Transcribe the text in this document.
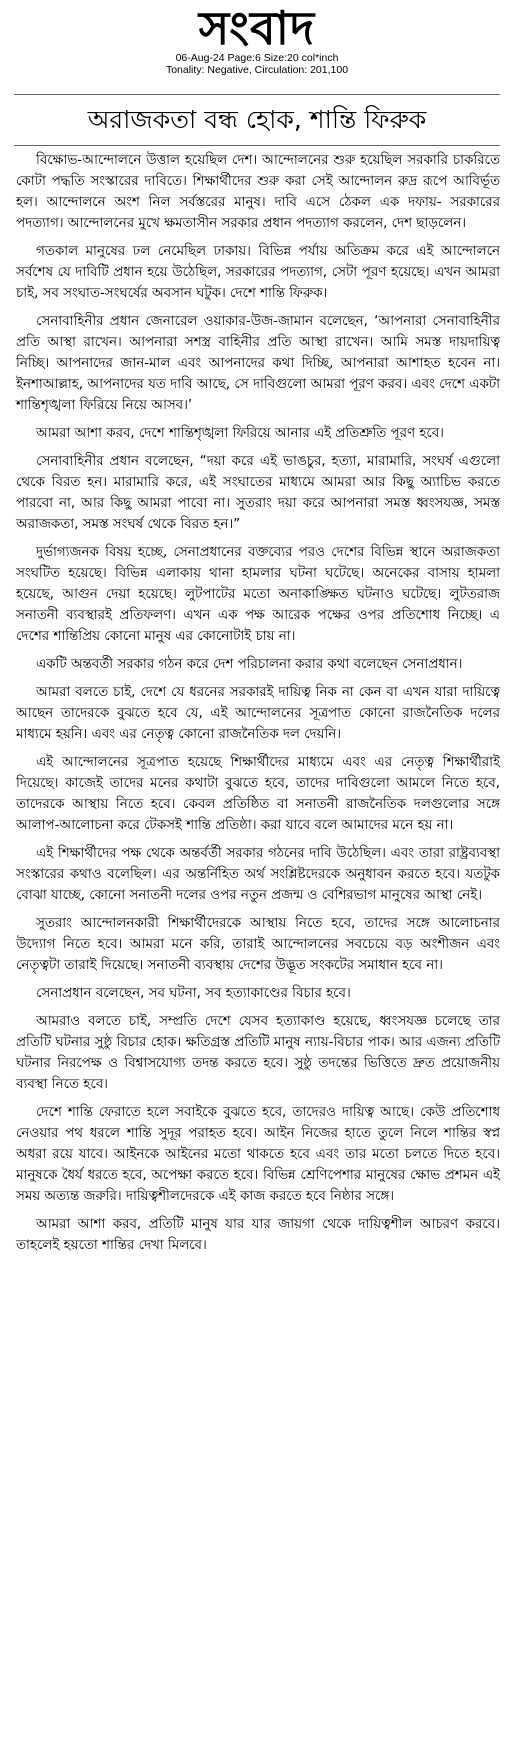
সংবাদ
06-Aug-24 Page:6 Size:20 col*inch
Tonality: Negative, Circulation: 201,100
অরাজকতা বন্ধ হোক, শান্তি ফিরুক

বিক্ষোভ-আন্দোলনে উত্তাল হয়েছিল দেশ। আন্দোলনের শুরু হয়েছিল সরকারি চাকরিতে কোটা পদ্ধতি সংস্কারের দাবিতে। শিক্ষার্থীদের শুরু করা সেই আন্দোলন রুদ্র রূপে আবির্ভূত হল। আন্দোলনে অংশ নিল সর্বস্তরের মানুষ। দাবি এসে ঠেকল এক দফায়- সরকারের পদত্যাগ। আন্দোলনের মুখে ক্ষমতাসীন সরকার প্রধান পদত্যাগ করলেন, দেশ ছাড়লেন।

গতকাল মানুষের ঢল নেমেছিল ঢাকায়। বিভিন্ন পর্যায় অতিক্রম করে এই আন্দোলনে সর্বশেষ যে দাবিটি প্রধান হয়ে উঠেছিল, সরকারের পদত্যাগ, সেটা পূরণ হয়েছে। এখন আমরা চাই, সব সংঘাত-সংঘর্ষের অবসান ঘটুক। দেশে শান্তি ফিরুক।

সেনাবাহিনীর প্রধান জেনারেল ওয়াকার-উজ-জামান বলেছেন, ‘আপনারা সেনাবাহিনীর প্রতি আস্থা রাখেন। আপনারা সশস্ত্র বাহিনীর প্রতি আস্থা রাখেন। আমি সমস্ত দায়দায়িত্ব নিচ্ছি। আপনাদের জান-মাল এবং আপনাদের কথা দিচ্ছি, আপনারা আশাহত হবেন না। ইনশাআল্লাহ, আপনাদের যত দাবি আছে, সে দাবিগুলো আমরা পূরণ করব। এবং দেশে একটা শান্তিশৃঙ্খলা ফিরিয়ে নিয়ে আসব।’

আমরা আশা করব, দেশে শান্তিশৃঙ্খলা ফিরিয়ে আনার এই প্রতিশ্রুতি পূরণ হবে।

সেনাবাহিনীর প্রধান বলেছেন, “দয়া করে এই ভাঙচুর, হত্যা, মারামারি, সংঘর্ষ এগুলো থেকে বিরত হন। মারামারি করে, এই সংঘাতের মাধ্যমে আমরা আর কিছু অ্যাচিভ করতে পারবো না, আর কিছু আমরা পাবো না। সুতরাং দয়া করে আপনারা সমস্ত ধ্বংসযজ্ঞ, সমস্ত অরাজকতা, সমস্ত সংঘর্ষ থেকে বিরত হন।”

দুর্ভাগ্যজনক বিষয় হচ্ছে, সেনাপ্রধানের বক্তব্যের পরও দেশের বিভিন্ন স্থানে অরাজকতা সংঘটিত হয়েছে। বিভিন্ন এলাকায় থানা হামলার ঘটনা ঘটেছে। অনেকের বাসায় হামলা হয়েছে, আগুন দেয়া হয়েছে। লুটপাটের মতো অনাকাঙ্ক্ষিত ঘটনাও ঘটেছে। লুটতরাজ সনাতনী ব্যবস্থারই প্রতিফলণ। এখন এক পক্ষ আরেক পক্ষের ওপর প্রতিশোধ নিচ্ছে। এ দেশের শান্তিপ্রিয় কোনো মানুষ এর কোনোটাই চায় না।

একটি অন্তবর্তী সরকার গঠন করে দেশ পরিচালনা করার কথা বলেছেন সেনাপ্রধান।

আমরা বলতে চাই, দেশে যে ধরনের সরকারই দায়িত্ব নিক না কেন বা এখন যারা দায়িত্বে আছেন তাদেরকে বুঝতে হবে যে, এই আন্দোলনের সূত্রপাত কোনো রাজনৈতিক দলের মাধ্যমে হয়নি। এবং এর নেতৃত্ব কোনো রাজনৈতিক দল দেয়নি।

এই আন্দোলনের সূত্রপাত হয়েছে শিক্ষার্থীদের মাধ্যমে এবং এর নেতৃত্ব শিক্ষার্থীরাই দিয়েছে। কাজেই তাদের মনের কথাটা বুঝতে হবে, তাদের দাবিগুলো আমলে নিতে হবে, তাদেরকে আস্থায় নিতে হবে। কেবল প্রতিষ্ঠিত বা সনাতনী রাজনৈতিক দলগুলোর সঙ্গে আলাপ-আলোচনা করে টেকসই শান্তি প্রতিষ্ঠা। করা যাবে বলে আমাদের মনে হয় না।

এই শিক্ষার্থীদের পক্ষ থেকে অন্তর্বর্তী সরকার গঠনের দাবি উঠেছিল। এবং তারা রাষ্ট্রব্যবস্থা সংস্কারের কথাও বলেছিল। এর অন্তর্নিহিত অর্থ সংশ্লিষ্টদেরকে অনুধাবন করতে হবে। যতটুক বোঝা যাচ্ছে, কোনো সনাতনী দলের ওপর নতুন প্রজন্ম ও বেশিরভাগ মানুষের আস্থা নেই।

সুতরাং আন্দোলনকারী শিক্ষার্থীদেরকে আস্থায় নিতে হবে, তাদের সঙ্গে আলোচনার উদ্যোগ নিতে হবে। আমরা মনে করি, তারাই আন্দোলনের সবচেয়ে বড় অংশীজন এবং নেতৃত্বটা তারাই দিয়েছে। সনাতনী ব্যবস্থায় দেশের উদ্ভূত সংকটের সমাধান হবে না।

সেনাপ্রধান বলেছেন, সব ঘটনা, সব হত্যাকাণ্ডের বিচার হবে।

আমরাও বলতে চাই, সম্প্রতি দেশে যেসব হত্যাকাণ্ড হয়েছে, ধ্বংসযজ্ঞ চলেছে তার প্রতিটি ঘটনার সুষ্ঠু বিচার হোক। ক্ষতিগ্রস্ত প্রতিটি মানুষ ন্যায়-বিচার পাক। আর এজন্য প্রতিটি ঘটনার নিরপেক্ষ ও বিশ্বাসযোগ্য তদন্ত করতে হবে। সুষ্ঠু তদন্তের ভিত্তিতে দ্রুত প্রয়োজনীয় ব্যবস্থা নিতে হবে।

দেশে শান্তি ফেরাতে হলে সবাইকে বুঝতে হবে, তাদেরও দায়িত্ব আছে। কেউ প্রতিশোধ নেওয়ার পথ ধরলে শান্তি সুদূর পরাহত হবে। আইন নিজের হাতে তুলে নিলে শান্তির স্বপ্ন অধরা রয়ে যাবে। আইনকে আইনের মতো থাকতে হবে এবং তার মতো চলতে দিতে হবে। মানুষকে ধৈর্য ধরতে হবে, অপেক্ষা করতে হবে। বিভিন্ন শ্রেণিপেশার মানুষের ক্ষোভ প্রশমন এই সময় অত্যন্ত জরুরি। দায়িত্বশীলদেরকে এই কাজ করতে হবে নিষ্ঠার সঙ্গে।

আমরা আশা করব, প্রতিটি মানুষ যার যার জায়গা থেকে দায়িত্বশীল আচরণ করবে। তাহলেই হয়তো শান্তির দেখা মিলবে।
